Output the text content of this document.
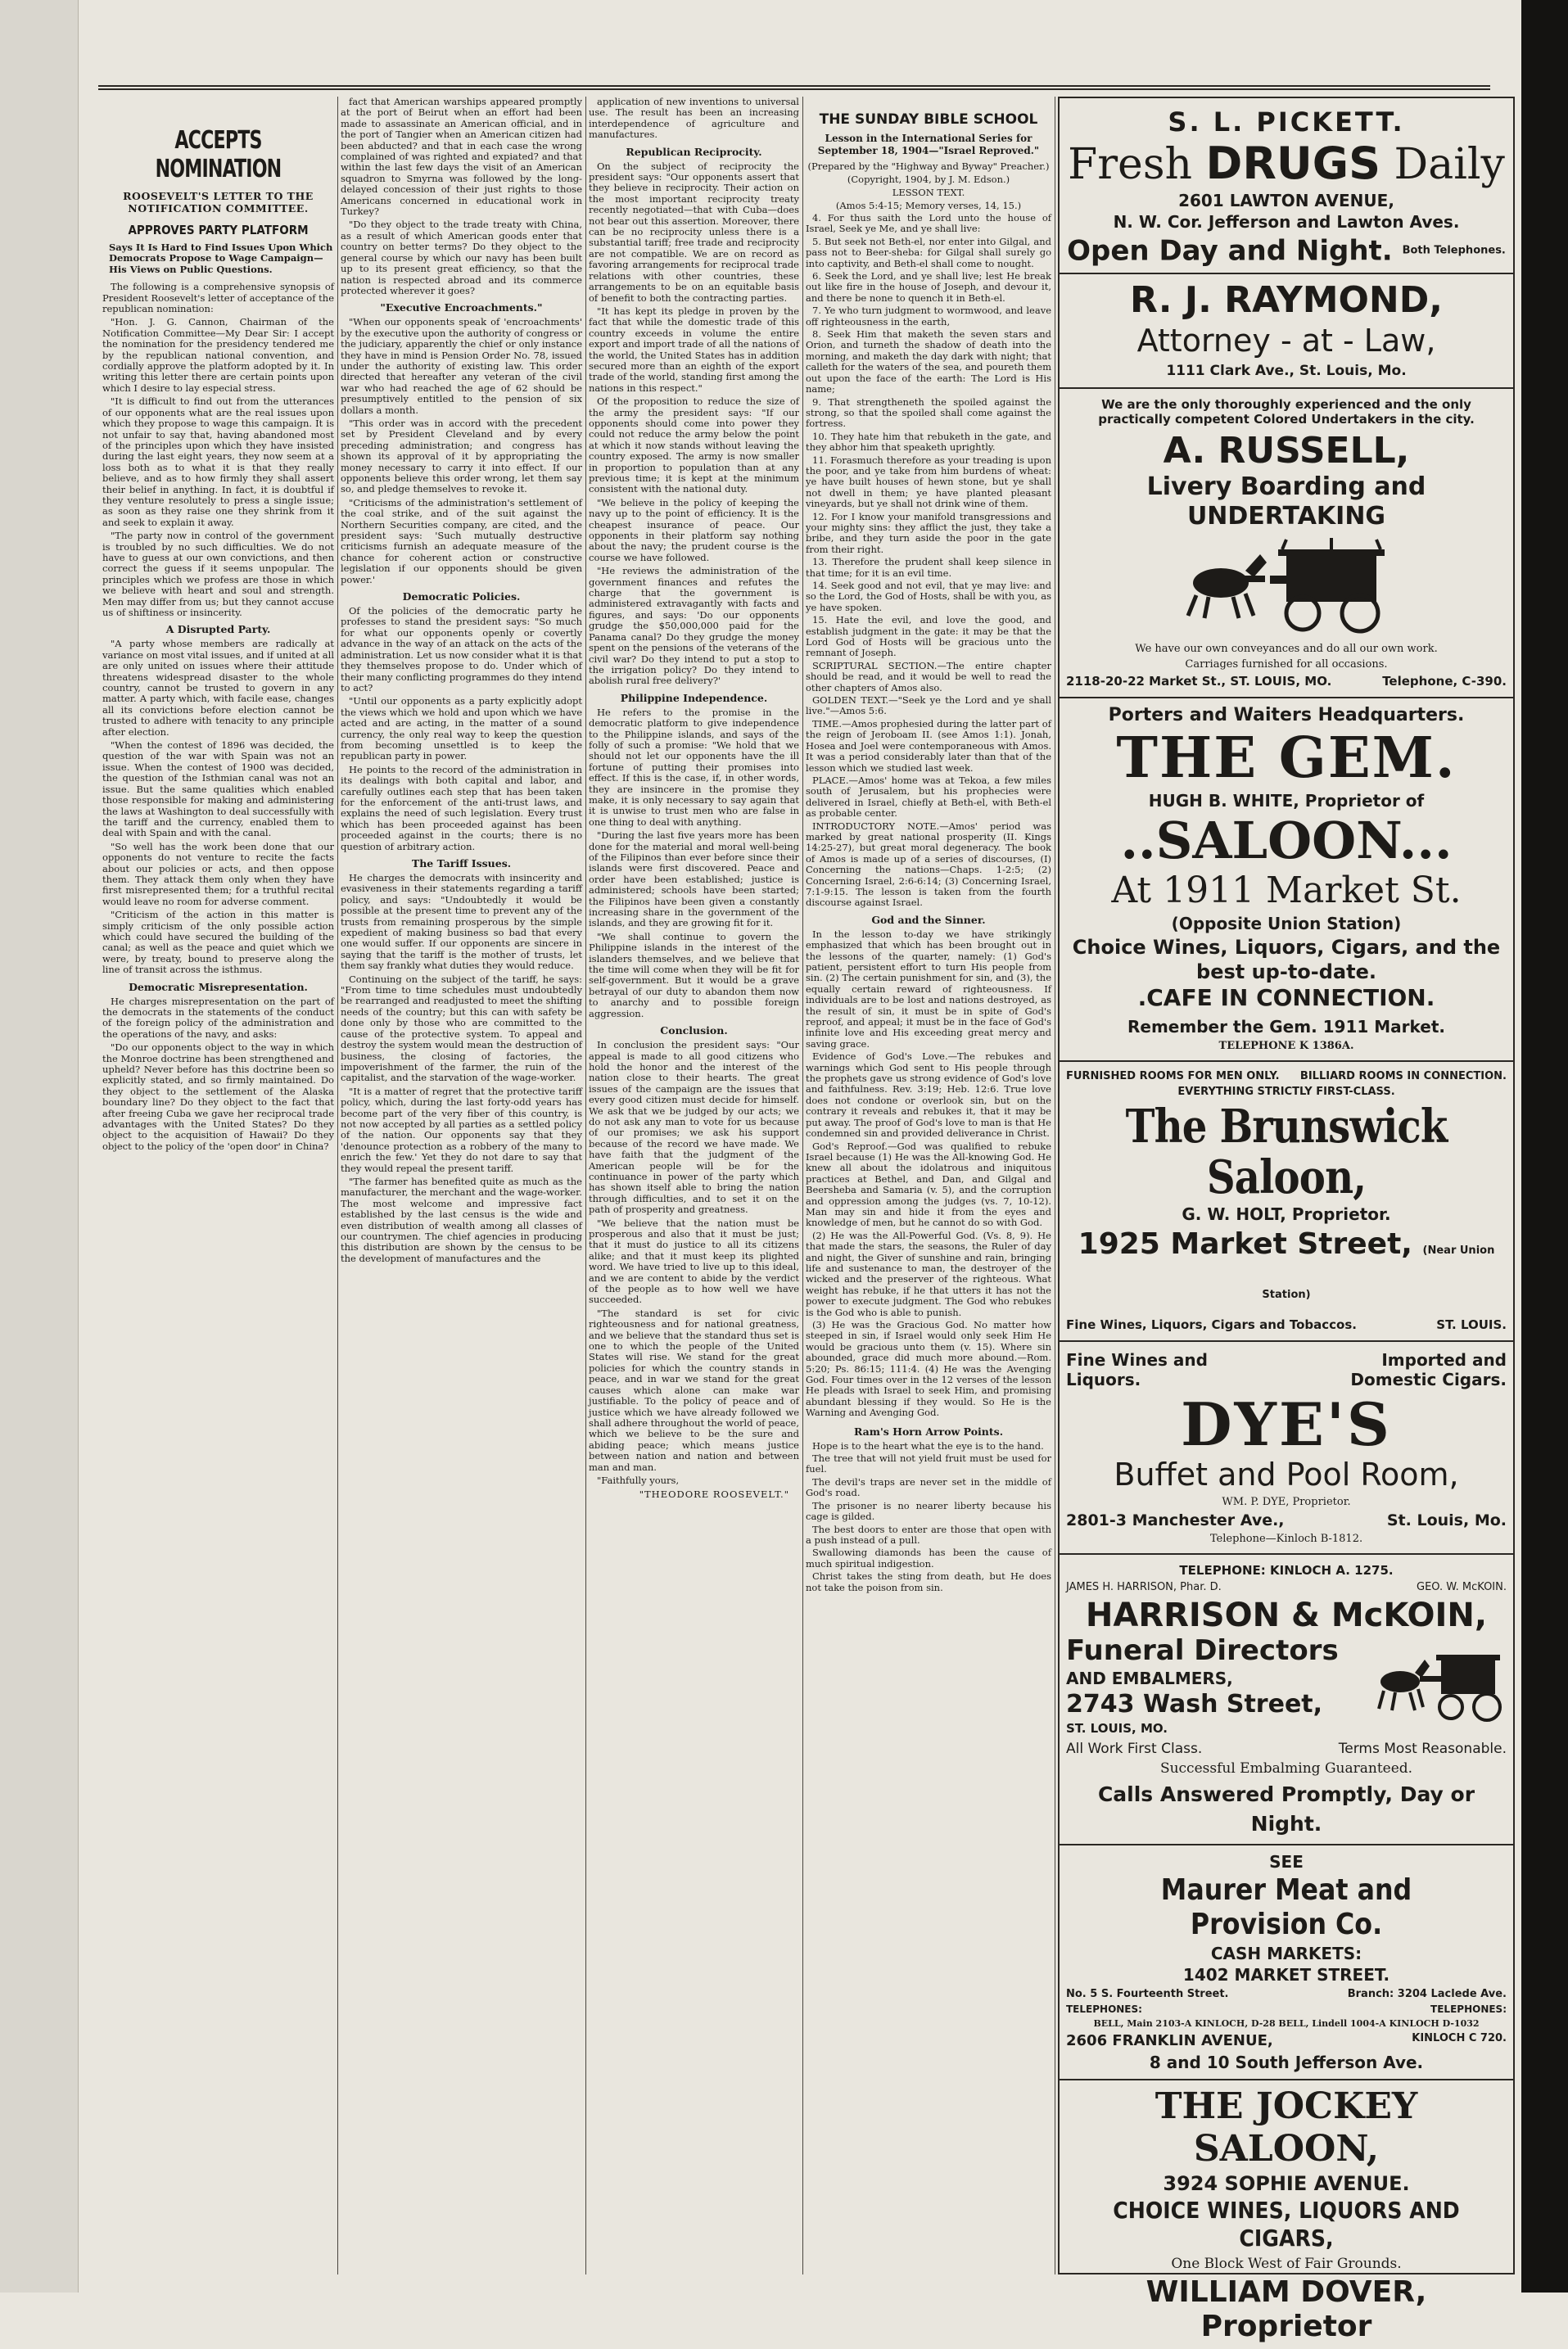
ACCEPTS NOMINATION
ROOSEVELT'S LETTER TO THE NOTIFICATION COMMITTEE.
APPROVES PARTY PLATFORM
Says It Is Hard to Find Issues Upon Which Democrats Propose to Wage Campaign—His Views on Public Questions.

The following is a comprehensive synopsis of President Roosevelt's letter of acceptance of the republican nomination:

"Hon. J. G. Cannon, Chairman of the Notification Committee—My Dear Sir: I accept the nomination for the presidency tendered me by the republican national convention, and cordially approve the platform adopted by it. In writing this letter there are certain points upon which I desire to lay especial stress.

"It is difficult to find out from the utterances of our opponents what are the real issues upon which they propose to wage this campaign. It is not unfair to say that, having abandoned most of the principles upon which they have insisted during the last eight years, they now seem at a loss both as to what it is that they really believe, and as to how firmly they shall assert their belief in anything. In fact, it is doubtful if they venture resolutely to press a single issue; as soon as they raise one they shrink from it and seek to explain it away.

"The party now in control of the government is troubled by no such difficulties. We do not have to guess at our own convictions, and then correct the guess if it seems unpopular. The principles which we profess are those in which we believe with heart and soul and strength. Men may differ from us; but they cannot accuse us of shiftiness or insincerity.

A Disrupted Party.

"A party whose members are radically at variance on most vital issues, and if united at all are only united on issues where their attitude threatens widespread disaster to the whole country, cannot be trusted to govern in any matter. A party which, with facile ease, changes all its convictions before election cannot be trusted to adhere with tenacity to any principle after election.

"When the contest of 1896 was decided, the question of the war with Spain was not an issue. When the contest of 1900 was decided, the question of the Isthmian canal was not an issue. But the same qualities which enabled those responsible for making and administering the laws at Washington to deal successfully with the tariff and the currency, enabled them to deal with Spain and with the canal.

"So well has the work been done that our opponents do not venture to recite the facts about our policies or acts, and then oppose them. They attack them only when they have first misrepresented them; for a truthful recital would leave no room for adverse comment.

"Criticism of the action in this matter is simply criticism of the only possible action which could have secured the building of the canal; as well as the peace and quiet which we were, by treaty, bound to preserve along the line of transit across the isthmus.

Democratic Misrepresentation.

He charges misrepresentation on the part of the democrats in the statements of the conduct of the foreign policy of the administration and the operations of the navy, and asks:

"Do our opponents object to the way in which the Monroe doctrine has been strengthened and upheld? Never before has this doctrine been so explicitly stated, and so firmly maintained. Do they object to the settlement of the Alaska boundary line? Do they object to the fact that after freeing Cuba we gave her reciprocal trade advantages with the United States? Do they object to the acquisition of Hawaii? Do they object to the policy of the 'open door' in China?

fact that American warships appeared promptly at the port of Beirut when an effort had been made to assassinate an American official, and in the port of Tangier when an American citizen had been abducted? and that in each case the wrong complained of was righted and expiated? and that within the last few days the visit of an American squadron to Smyrna was followed by the long-delayed concession of their just rights to those Americans concerned in educational work in Turkey?

"Do they object to the trade treaty with China, as a result of which American goods enter that country on better terms? Do they object to the general course by which our navy has been built up to its present great efficiency, so that the nation is respected abroad and its commerce protected wherever it goes?

"Executive Encroachments."

"When our opponents speak of 'encroachments' by the executive upon the authority of congress or the judiciary, apparently the chief or only instance they have in mind is Pension Order No. 78, issued under the authority of existing law. This order directed that hereafter any veteran of the civil war who had reached the age of 62 should be presumptively entitled to the pension of six dollars a month.

"This order was in accord with the precedent set by President Cleveland and by every preceding administration; and congress has shown its approval of it by appropriating the money necessary to carry it into effect. If our opponents believe this order wrong, let them say so, and pledge themselves to revoke it.

"Criticisms of the administration's settlement of the coal strike, and of the suit against the Northern Securities company, are cited, and the president says: 'Such mutually destructive criticisms furnish an adequate measure of the chance for coherent action or constructive legislation if our opponents should be given power.'

Democratic Policies.

Of the policies of the democratic party he professes to stand the president says: "So much for what our opponents openly or covertly advance in the way of an attack on the acts of the administration. Let us now consider what it is that they themselves propose to do. Under which of their many conflicting programmes do they intend to act?

"Until our opponents as a party explicitly adopt the views which we hold and upon which we have acted and are acting, in the matter of a sound currency, the only real way to keep the question from becoming unsettled is to keep the republican party in power.

He points to the record of the administration in its dealings with both capital and labor, and carefully outlines each step that has been taken for the enforcement of the anti-trust laws, and explains the need of such legislation. Every trust which has been proceeded against has been proceeded against in the courts; there is no question of arbitrary action.

The Tariff Issues.

He charges the democrats with insincerity and evasiveness in their statements regarding a tariff policy, and says: "Undoubtedly it would be possible at the present time to prevent any of the trusts from remaining prosperous by the simple expedient of making business so bad that every one would suffer. If our opponents are sincere in saying that the tariff is the mother of trusts, let them say frankly what duties they would reduce.

Continuing on the subject of the tariff, he says: "From time to time schedules must undoubtedly be rearranged and readjusted to meet the shifting needs of the country; but this can with safety be done only by those who are committed to the cause of the protective system. To appeal and destroy the system would mean the destruction of business, the closing of factories, the impoverishment of the farmer, the ruin of the capitalist, and the starvation of the wage-worker.

"It is a matter of regret that the protective tariff policy, which, during the last forty-odd years has become part of the very fiber of this country, is not now accepted by all parties as a settled policy of the nation. Our opponents say that they 'denounce protection as a robbery of the many to enrich the few.' Yet they do not dare to say that they would repeal the present tariff.

"The farmer has benefited quite as much as the manufacturer, the merchant and the wage-worker. The most welcome and impressive fact established by the last census is the wide and even distribution of wealth among all classes of our countrymen. The chief agencies in producing this distribution are shown by the census to be the development of manufactures and the

application of new inventions to universal use. The result has been an increasing interdependence of agriculture and manufactures.

Republican Reciprocity.

On the subject of reciprocity the president says: "Our opponents assert that they believe in reciprocity. Their action on the most important reciprocity treaty recently negotiated—that with Cuba—does not bear out this assertion. Moreover, there can be no reciprocity unless there is a substantial tariff; free trade and reciprocity are not compatible. We are on record as favoring arrangements for reciprocal trade relations with other countries, these arrangements to be on an equitable basis of benefit to both the contracting parties.

"It has kept its pledge in proven by the fact that while the domestic trade of this country exceeds in volume the entire export and import trade of all the nations of the world, the United States has in addition secured more than an eighth of the export trade of the world, standing first among the nations in this respect."

Of the proposition to reduce the size of the army the president says: "If our opponents should come into power they could not reduce the army below the point at which it now stands without leaving the country exposed. The army is now smaller in proportion to population than at any previous time; it is kept at the minimum consistent with the national duty.

"We believe in the policy of keeping the navy up to the point of efficiency. It is the cheapest insurance of peace. Our opponents in their platform say nothing about the navy; the prudent course is the course we have followed.

"He reviews the administration of the government finances and refutes the charge that the government is administered extravagantly with facts and figures, and says: 'Do our opponents grudge the $50,000,000 paid for the Panama canal? Do they grudge the money spent on the pensions of the veterans of the civil war? Do they intend to put a stop to the irrigation policy? Do they intend to abolish rural free delivery?'

Philippine Independence.

He refers to the promise in the democratic platform to give independence to the Philippine islands, and says of the folly of such a promise: "We hold that we should not let our opponents have the ill fortune of putting their promises into effect. If this is the case, if, in other words, they are insincere in the promise they make, it is only necessary to say again that it is unwise to trust men who are false in one thing to deal with anything.

"During the last five years more has been done for the material and moral well-being of the Filipinos than ever before since their islands were first discovered. Peace and order have been established; justice is administered; schools have been started; the Filipinos have been given a constantly increasing share in the government of the islands, and they are growing fit for it.

"We shall continue to govern the Philippine islands in the interest of the islanders themselves, and we believe that the time will come when they will be fit for self-government. But it would be a grave betrayal of our duty to abandon them now to anarchy and to possible foreign aggression.

Conclusion.

In conclusion the president says: "Our appeal is made to all good citizens who hold the honor and the interest of the nation close to their hearts. The great issues of the campaign are the issues that every good citizen must decide for himself. We ask that we be judged by our acts; we do not ask any man to vote for us because of our promises; we ask his support because of the record we have made. We have faith that the judgment of the American people will be for the continuance in power of the party which has shown itself able to bring the nation through difficulties, and to set it on the path of prosperity and greatness.

"We believe that the nation must be prosperous and also that it must be just; that it must do justice to all its citizens alike; and that it must keep its plighted word. We have tried to live up to this ideal, and we are content to abide by the verdict of the people as to how well we have succeeded.

"The standard is set for civic righteousness and for national greatness, and we believe that the standard thus set is one to which the people of the United States will rise. We stand for the great policies for which the country stands in peace, and in war we stand for the great causes which alone can make war justifiable. To the policy of peace and of justice which we have already followed we shall adhere throughout the world of peace, which we believe to be the sure and abiding peace; which means justice between nation and nation and between man and man.

"Faithfully yours,

"THEODORE ROOSEVELT."
THE SUNDAY BIBLE SCHOOL
Lesson in the International Series for September 18, 1904—"Israel Reproved."
(Prepared by the "Highway and Byway" Preacher.)
(Copyright, 1904, by J. M. Edson.)
LESSON TEXT.
(Amos 5:4-15; Memory verses, 14, 15.)

4. For thus saith the Lord unto the house of Israel, Seek ye Me, and ye shall live:

5. But seek not Beth-el, nor enter into Gilgal, and pass not to Beer-sheba: for Gilgal shall surely go into captivity, and Beth-el shall come to nought.

6. Seek the Lord, and ye shall live; lest He break out like fire in the house of Joseph, and devour it, and there be none to quench it in Beth-el.

7. Ye who turn judgment to wormwood, and leave off righteousness in the earth,

8. Seek Him that maketh the seven stars and Orion, and turneth the shadow of death into the morning, and maketh the day dark with night; that calleth for the waters of the sea, and poureth them out upon the face of the earth: The Lord is His name;

9. That strengtheneth the spoiled against the strong, so that the spoiled shall come against the fortress.

10. They hate him that rebuketh in the gate, and they abhor him that speaketh uprightly.

11. Forasmuch therefore as your treading is upon the poor, and ye take from him burdens of wheat: ye have built houses of hewn stone, but ye shall not dwell in them; ye have planted pleasant vineyards, but ye shall not drink wine of them.

12. For I know your manifold transgressions and your mighty sins: they afflict the just, they take a bribe, and they turn aside the poor in the gate from their right.

13. Therefore the prudent shall keep silence in that time; for it is an evil time.

14. Seek good and not evil, that ye may live: and so the Lord, the God of Hosts, shall be with you, as ye have spoken.

15. Hate the evil, and love the good, and establish judgment in the gate: it may be that the Lord God of Hosts will be gracious unto the remnant of Joseph.

SCRIPTURAL SECTION.—The entire chapter should be read, and it would be well to read the other chapters of Amos also.

GOLDEN TEXT.—"Seek ye the Lord and ye shall live."—Amos 5:6.

TIME.—Amos prophesied during the latter part of the reign of Jeroboam II. (see Amos 1:1). Jonah, Hosea and Joel were contemporaneous with Amos. It was a period considerably later than that of the lesson which we studied last week.

PLACE.—Amos' home was at Tekoa, a few miles south of Jerusalem, but his prophecies were delivered in Israel, chiefly at Beth-el, with Beth-el as probable center.

INTRODUCTORY NOTE.—Amos' period was marked by great national prosperity (II. Kings 14:25-27), but great moral degeneracy. The book of Amos is made up of a series of discourses, (I) Concerning the nations—Chaps. 1-2:5; (2) Concerning Israel, 2:6-6:14; (3) Concerning Israel, 7:1-9:15. The lesson is taken from the fourth discourse against Israel.

God and the Sinner.

In the lesson to-day we have strikingly emphasized that which has been brought out in the lessons of the quarter, namely: (1) God's patient, persistent effort to turn His people from sin. (2) The certain punishment for sin, and (3), the equally certain reward of righteousness. If individuals are to be lost and nations destroyed, as the result of sin, it must be in spite of God's reproof, and appeal; it must be in the face of God's infinite love and His exceeding great mercy and saving grace.

Evidence of God's Love.—The rebukes and warnings which God sent to His people through the prophets gave us strong evidence of God's love and faithfulness. Rev. 3:19; Heb. 12:6. True love does not condone or overlook sin, but on the contrary it reveals and rebukes it, that it may be put away. The proof of God's love to man is that He condemned sin and provided deliverance in Christ.

God's Reproof.—God was qualified to rebuke Israel because (1) He was the All-knowing God. He knew all about the idolatrous and iniquitous practices at Bethel, and Dan, and Gilgal and Beersheba and Samaria (v. 5), and the corruption and oppression among the judges (vs. 7, 10-12). Man may sin and hide it from the eyes and knowledge of men, but he cannot do so with God.

(2) He was the All-Powerful God. (Vs. 8, 9). He that made the stars, the seasons, the Ruler of day and night, the Giver of sunshine and rain, bringing life and sustenance to man, the destroyer of the wicked and the preserver of the righteous. What weight has rebuke, if he that utters it has not the power to execute judgment. The God who rebukes is the God who is able to punish.

(3) He was the Gracious God. No matter how steeped in sin, if Israel would only seek Him He would be gracious unto them (v. 15). Where sin abounded, grace did much more abound.—Rom. 5:20; Ps. 86:15; 111:4. (4) He was the Avenging God. Four times over in the 12 verses of the lesson He pleads with Israel to seek Him, and promising abundant blessing if they would. So He is the Warning and Avenging God.

Ram's Horn Arrow Points.

Hope is to the heart what the eye is to the hand.

The tree that will not yield fruit must be used for fuel.

The devil's traps are never set in the middle of God's road.

The prisoner is no nearer liberty because his cage is gilded.

The best doors to enter are those that open with a push instead of a pull.

Swallowing diamonds has been the cause of much spiritual indigestion.

Christ takes the sting from death, but He does not take the poison from sin.

S. L. PICKETT.
Fresh DRUGS Daily
2601 LAWTON AVENUE,
N. W. Cor. Jefferson and Lawton Aves.
Open Day and Night. Both Telephones.
R. J. RAYMOND,
Attorney - at - Law,
1111 Clark Ave., St. Louis, Mo.
We are the only thoroughly experienced and the only practically competent Colored Undertakers in the city.
A. RUSSELL,
Livery Boarding and UNDERTAKING
We have our own conveyances and do all our own work.
Carriages furnished for all occasions.
2118-20-22 Market St., ST. LOUIS, MO.	Telephone, C-390.
Porters and Waiters Headquarters.
THE GEM.
HUGH B. WHITE, Proprietor of
..SALOON...
At 1911 Market St.
(Opposite Union Station)
Choice Wines, Liquors, Cigars, and the best up-to-date.
.CAFE IN CONNECTION.
Remember the Gem. 1911 Market.
TELEPHONE K 1386A.
FURNISHED ROOMS FOR MEN ONLY. BILLIARD ROOMS IN CONNECTION.
EVERYTHING STRICTLY FIRST-CLASS.
The Brunswick Saloon,
G. W. HOLT, Proprietor.
1925 Market Street, (Near Union Station)
Fine Wines, Liquors, Cigars and Tobaccos.	ST. LOUIS.
Fine Wines and Liquors.
Imported and Domestic Cigars.
DYE'S
Buffet and Pool Room,
WM. P. DYE, Proprietor.
2801-3 Manchester Ave.,	St. Louis, Mo.
Telephone—Kinloch B-1812.
TELEPHONE: KINLOCH A. 1275.
JAMES H. HARRISON, Phar. D.	GEO. W. McKOIN.
HARRISON & McKOIN,
Funeral Directors
AND EMBALMERS,
2743 Wash Street,
ST. LOUIS, MO.
All Work First Class.	Terms Most Reasonable.
Successful Embalming Guaranteed.
Calls Answered Promptly, Day or Night.
SEE
Maurer Meat and Provision Co.
CASH MARKETS:
1402 MARKET STREET.
No. 5 S. Fourteenth Street.	Branch: 3204 Laclede Ave.
TELEPHONES:	TELEPHONES:
BELL, Main 2103-A KINLOCH, D-28 BELL, Lindell 1004-A KINLOCH D-1032
2606 FRANKLIN AVENUE,	KINLOCH C 720.
8 and 10 South Jefferson Ave.
THE JOCKEY SALOON,
3924 SOPHIE AVENUE.
CHOICE WINES, LIQUORS AND CIGARS,
One Block West of Fair Grounds.
WILLIAM DOVER, Proprietor
